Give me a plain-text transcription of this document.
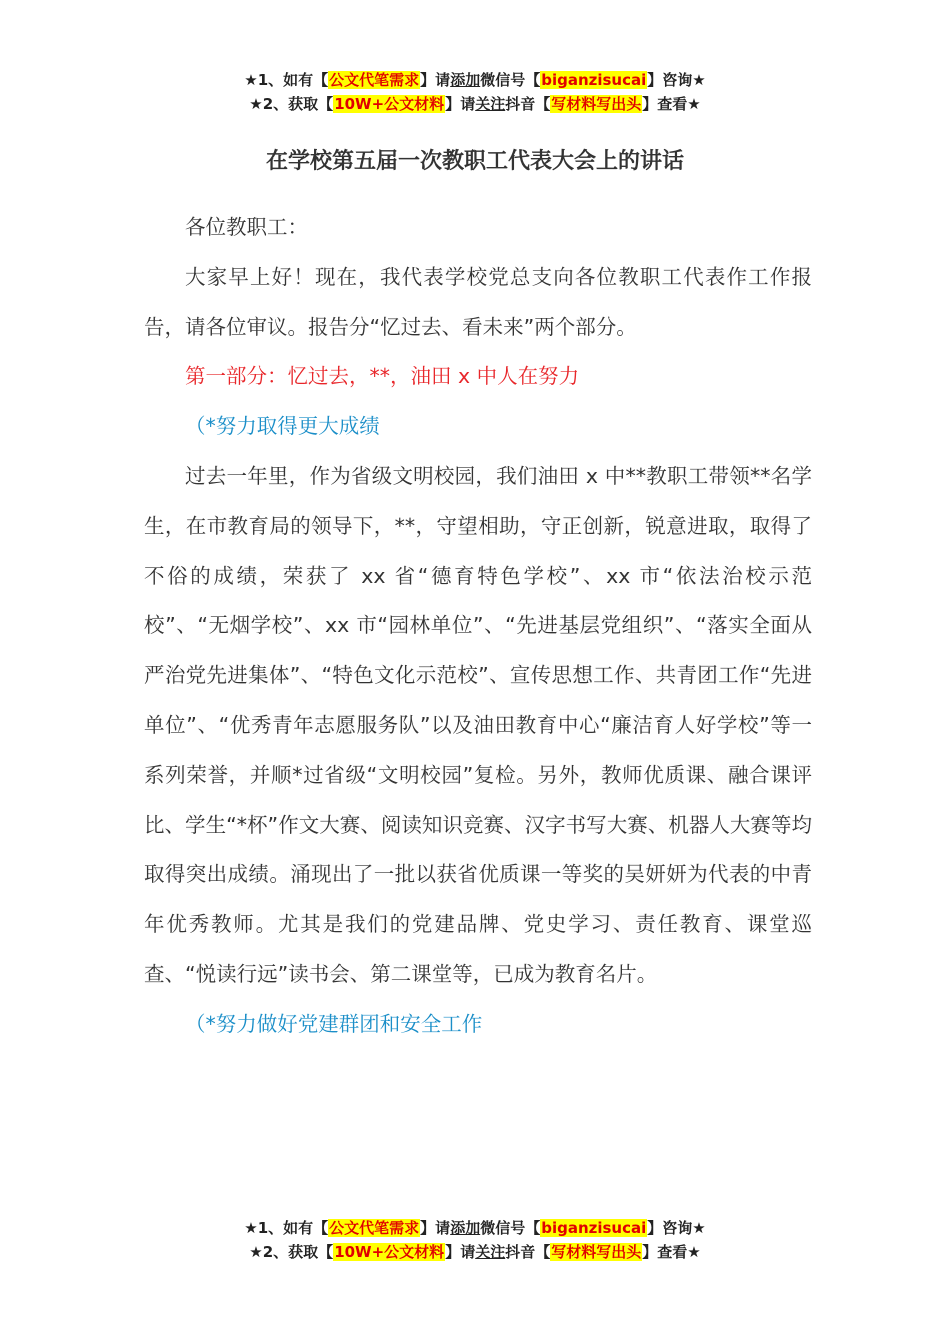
★1、如有【公文代笔需求】请添加微信号【biganzisucai】咨询★
★2、获取【10W+公文材料】请关注抖音【写材料写出头】查看★
在学校第五届一次教职工代表大会上的讲话

各位教职工：

大家早上好！现在，我代表学校党总支向各位教职工代表作工作报告，请各位审议。报告分“忆过去、看未来”两个部分。

第一部分：忆过去，**，油田 x 中人在努力

（*努力取得更大成绩

过去一年里，作为省级文明校园，我们油田 x 中**教职工带领**名学生，在市教育局的领导下，**，守望相助，守正创新，锐意进取，取得了不俗的成绩，荣获了 xx 省“德育特色学校”、xx 市“依法治校示范校”、“无烟学校”、xx 市“园林单位”、“先进基层党组织”、“落实全面从严治党先进集体”、“特色文化示范校”、宣传思想工作、共青团工作“先进单位”、“优秀青年志愿服务队”以及油田教育中心“廉洁育人好学校”等一系列荣誉，并顺*过省级“文明校园”复检。另外，教师优质课、融合课评比、学生“*杯”作文大赛、阅读知识竞赛、汉字书写大赛、机器人大赛等均取得突出成绩。涌现出了一批以获省优质课一等奖的吴妍妍为代表的中青年优秀教师。尤其是我们的党建品牌、党史学习、责任教育、课堂巡查、“悦读行远”读书会、第二课堂等，已成为教育名片。

（*努力做好党建群团和安全工作

★1、如有【公文代笔需求】请添加微信号【biganzisucai】咨询★
★2、获取【10W+公文材料】请关注抖音【写材料写出头】查看★
